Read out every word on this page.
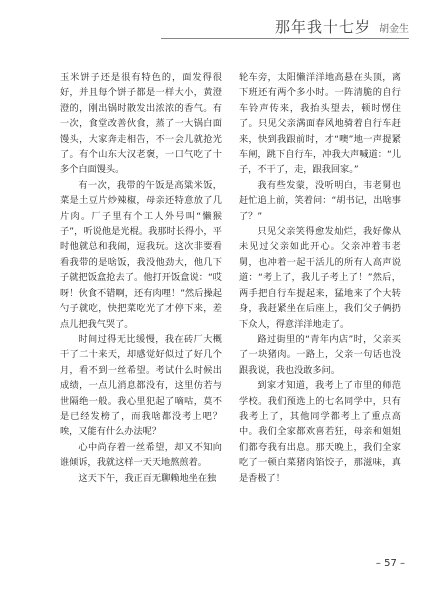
那年我十七岁 胡金生

玉米饼子还是很有特色的，面发得很好，并且每个饼子都是一样大小，黄澄澄的，刚出锅时散发出浓浓的香气。有一次，食堂改善伙食，蒸了一大锅白面馒头，大家奔走相告，不一会儿就抢光了。有个山东大汉老褒，一口气吃了十多个白面馒头。

有一次，我带的午饭是高粱米饭，菜是土豆片炒辣椒，母亲还特意放了几片肉。厂子里有个工人外号叫“懒猴子”，听说他是光棍。我那时长得小，平时他就总和我闹，逗我玩。这次非要看看我带的是啥饭，我没他劲大，他几下子就把饭盒抢去了。他打开饭盒说：“哎呀！伙食不错啊，还有肉哩！”然后操起勺子就吃，快把菜吃光了才停下来，差点儿把我气哭了。

时间过得无比缓慢，我在砖厂大概干了二十来天，却感觉好似过了好几个月，看不到一丝希望。考试什么时候出成绩，一点儿消息都没有，这里仿若与世隔绝一般。我心里犯起了嘀咕，莫不是已经发榜了，而我啥都没考上吧？唉，又能有什么办法呢？

心中尚存着一丝希望，却又不知向谁倾诉，我就这样一天天地熬煎着。

这天下午，我正百无聊赖地坐在独

轮车旁，太阳懒洋洋地高悬在头顶，离下班还有两个多小时。一阵清脆的自行车铃声传来，我抬头望去，顿时愣住了。只见父亲满面春风地骑着自行车赶来，快到我跟前时，才“噢”地一声提紧车闸，跳下自行车，冲我大声喊道：“儿子，不干了，走，跟我回家。”

我有些发蒙，没听明白，韦老舅也赶忙追上前，笑着问：“胡书记，出啥事了？”

只见父亲笑得愈发灿烂，我好像从未见过父亲如此开心。父亲冲着韦老舅，也冲着一起干活儿的所有人高声说道：“考上了，我儿子考上了！”然后，两手把自行车提起来，猛地来了个大转身，我赶紧坐在后座上，我们父子俩扔下众人，得意洋洋地走了。

路过街里的“青年内店”时，父亲买了一块猪肉。一路上，父亲一句话也没跟我说，我也没敢多问。

到家才知道，我考上了市里的师范学校。我们预选上的七名同学中，只有我考上了，其他同学都考上了重点高中。我们全家都欢喜若狂，母亲和姐姐们都夸我有出息。那天晚上，我们全家吃了一顿白菜猪肉馅饺子，那滋味，真是香极了！

– 57 –
